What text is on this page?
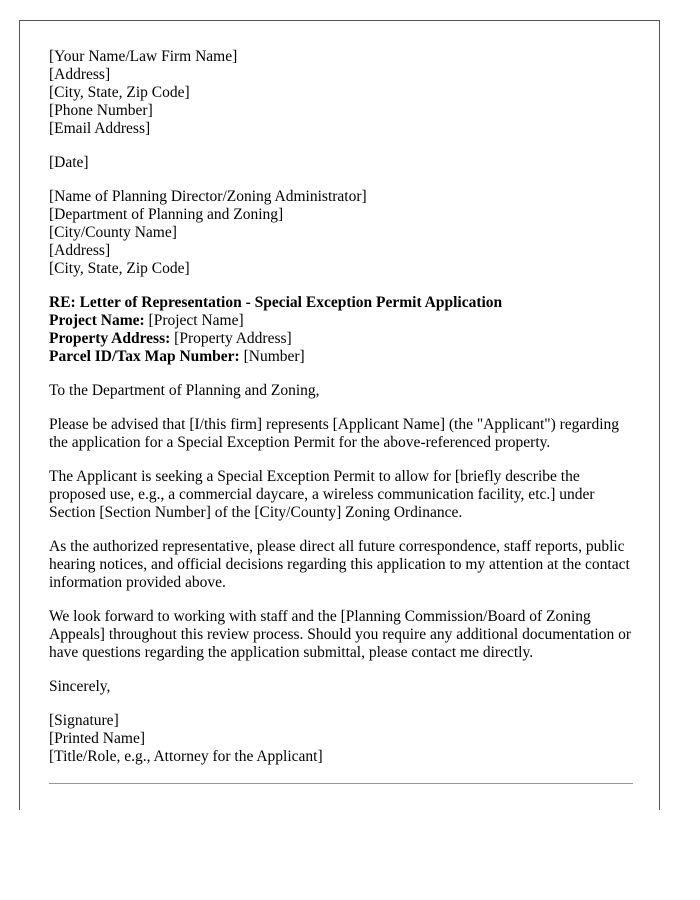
[Your Name/Law Firm Name]
[Address]
[City, State, Zip Code]
[Phone Number]
[Email Address]
[Date]
[Name of Planning Director/Zoning Administrator]
[Department of Planning and Zoning]
[City/County Name]
[Address]
[City, State, Zip Code]
RE: Letter of Representation - Special Exception Permit Application
Project Name: [Project Name]
Property Address: [Property Address]
Parcel ID/Tax Map Number: [Number]

To the Department of Planning and Zoning,

Please be advised that [I/this firm] represents [Applicant Name] (the "Applicant") regarding the application for a Special Exception Permit for the above-referenced property.

The Applicant is seeking a Special Exception Permit to allow for [briefly describe the proposed use, e.g., a commercial daycare, a wireless communication facility, etc.] under Section [Section Number] of the [City/County] Zoning Ordinance.

As the authorized representative, please direct all future correspondence, staff reports, public hearing notices, and official decisions regarding this application to my attention at the contact information provided above.

We look forward to working with staff and the [Planning Commission/Board of Zoning Appeals] throughout this review process. Should you require any additional documentation or have questions regarding the application submittal, please contact me directly.

Sincerely,

[Signature]
[Printed Name]
[Title/Role, e.g., Attorney for the Applicant]
